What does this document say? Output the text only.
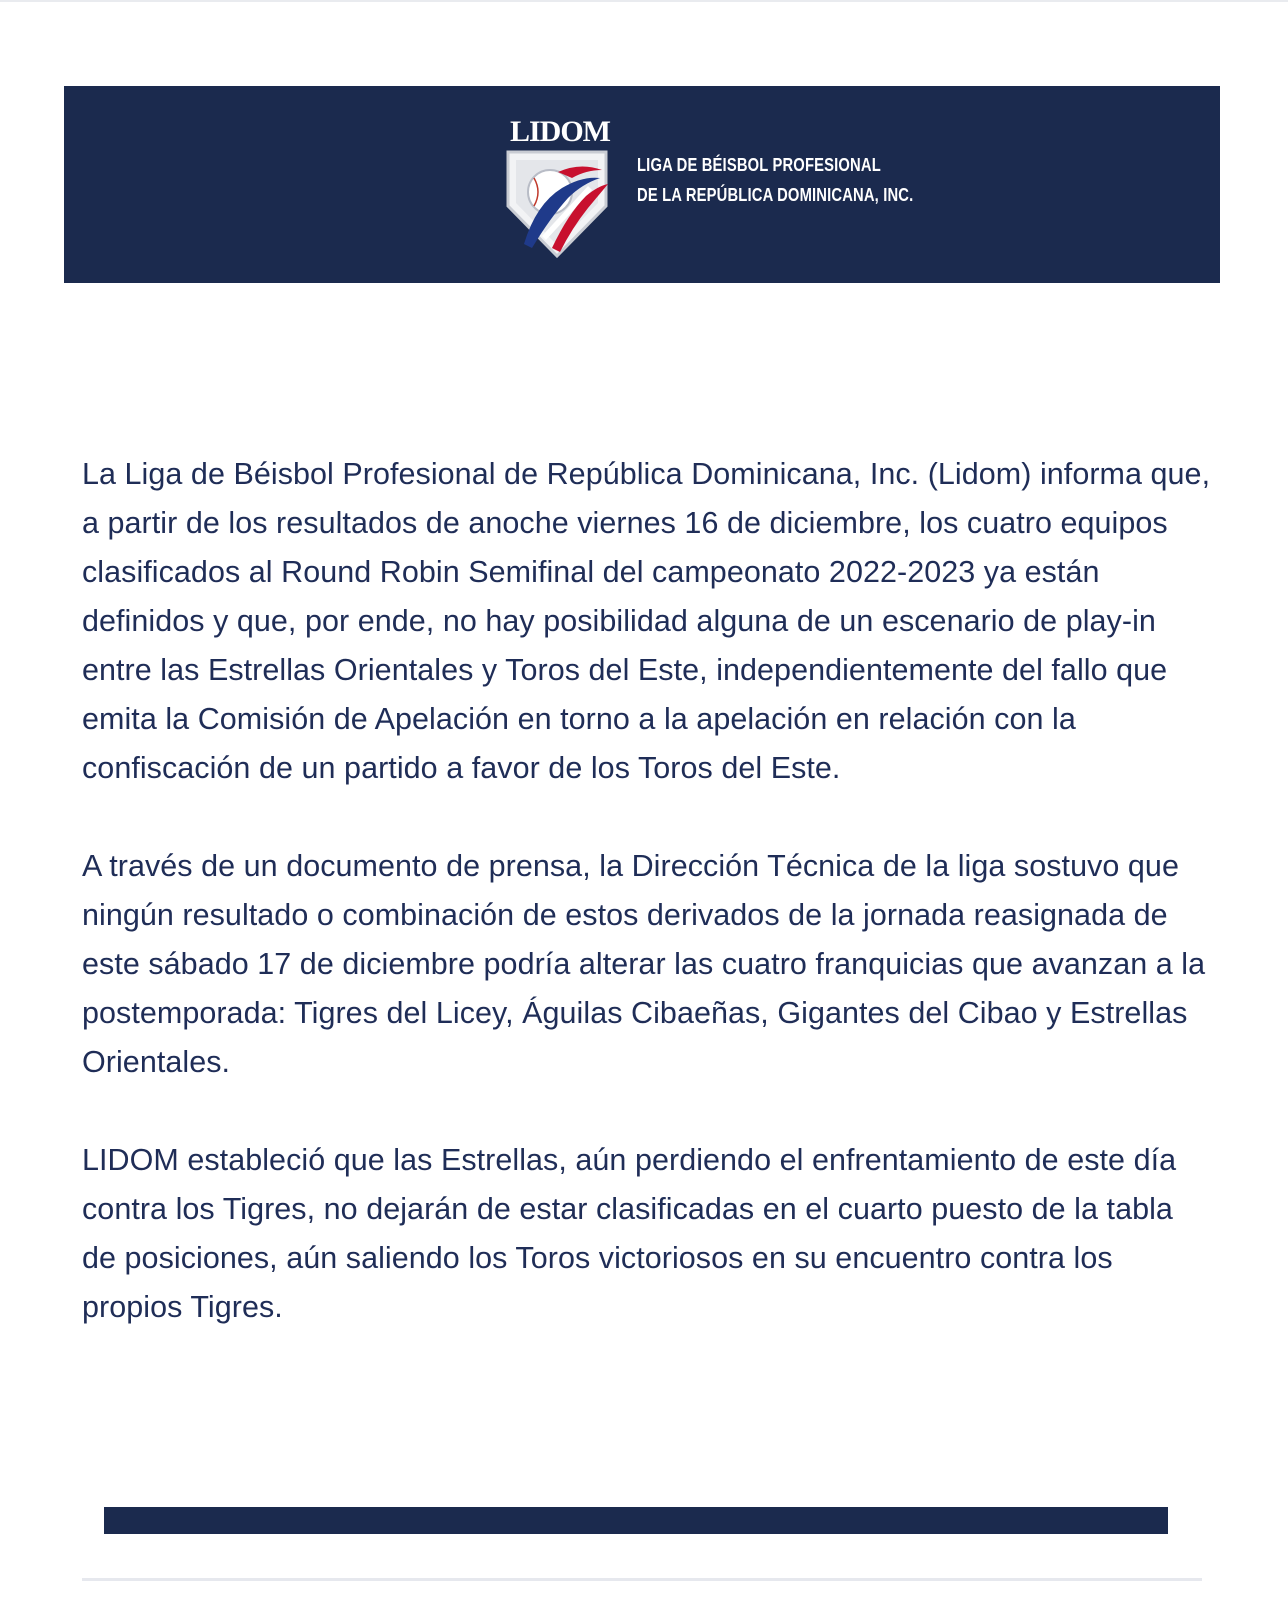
LIDOM
LIGA DE BÉISBOL PROFESIONAL
DE LA REPÚBLICA DOMINICANA, INC.

La Liga de Béisbol Profesional de República Dominicana, Inc. (Lidom) informa que, a partir de los resultados de anoche viernes 16 de diciembre, los cuatro equipos clasificados al Round Robin Semifinal del campeonato 2022-2023 ya están definidos y que, por ende, no hay posibilidad alguna de un escenario de play-in entre las Estrellas Orientales y Toros del Este, independientemente del fallo que emita la Comisión de Apelación en torno a la apelación en relación con la confiscación de un partido a favor de los Toros del Este.

A través de un documento de prensa, la Dirección Técnica de la liga sostuvo que ningún resultado o combinación de estos derivados de la jornada reasignada de este sábado 17 de diciembre podría alterar las cuatro franquicias que avanzan a la postemporada: Tigres del Licey, Águilas Cibaeñas, Gigantes del Cibao y Estrellas Orientales.

LIDOM estableció que las Estrellas, aún perdiendo el enfrentamiento de este día contra los Tigres, no dejarán de estar clasificadas en el cuarto puesto de la tabla de posiciones, aún saliendo los Toros victoriosos en su encuentro contra los propios Tigres.
